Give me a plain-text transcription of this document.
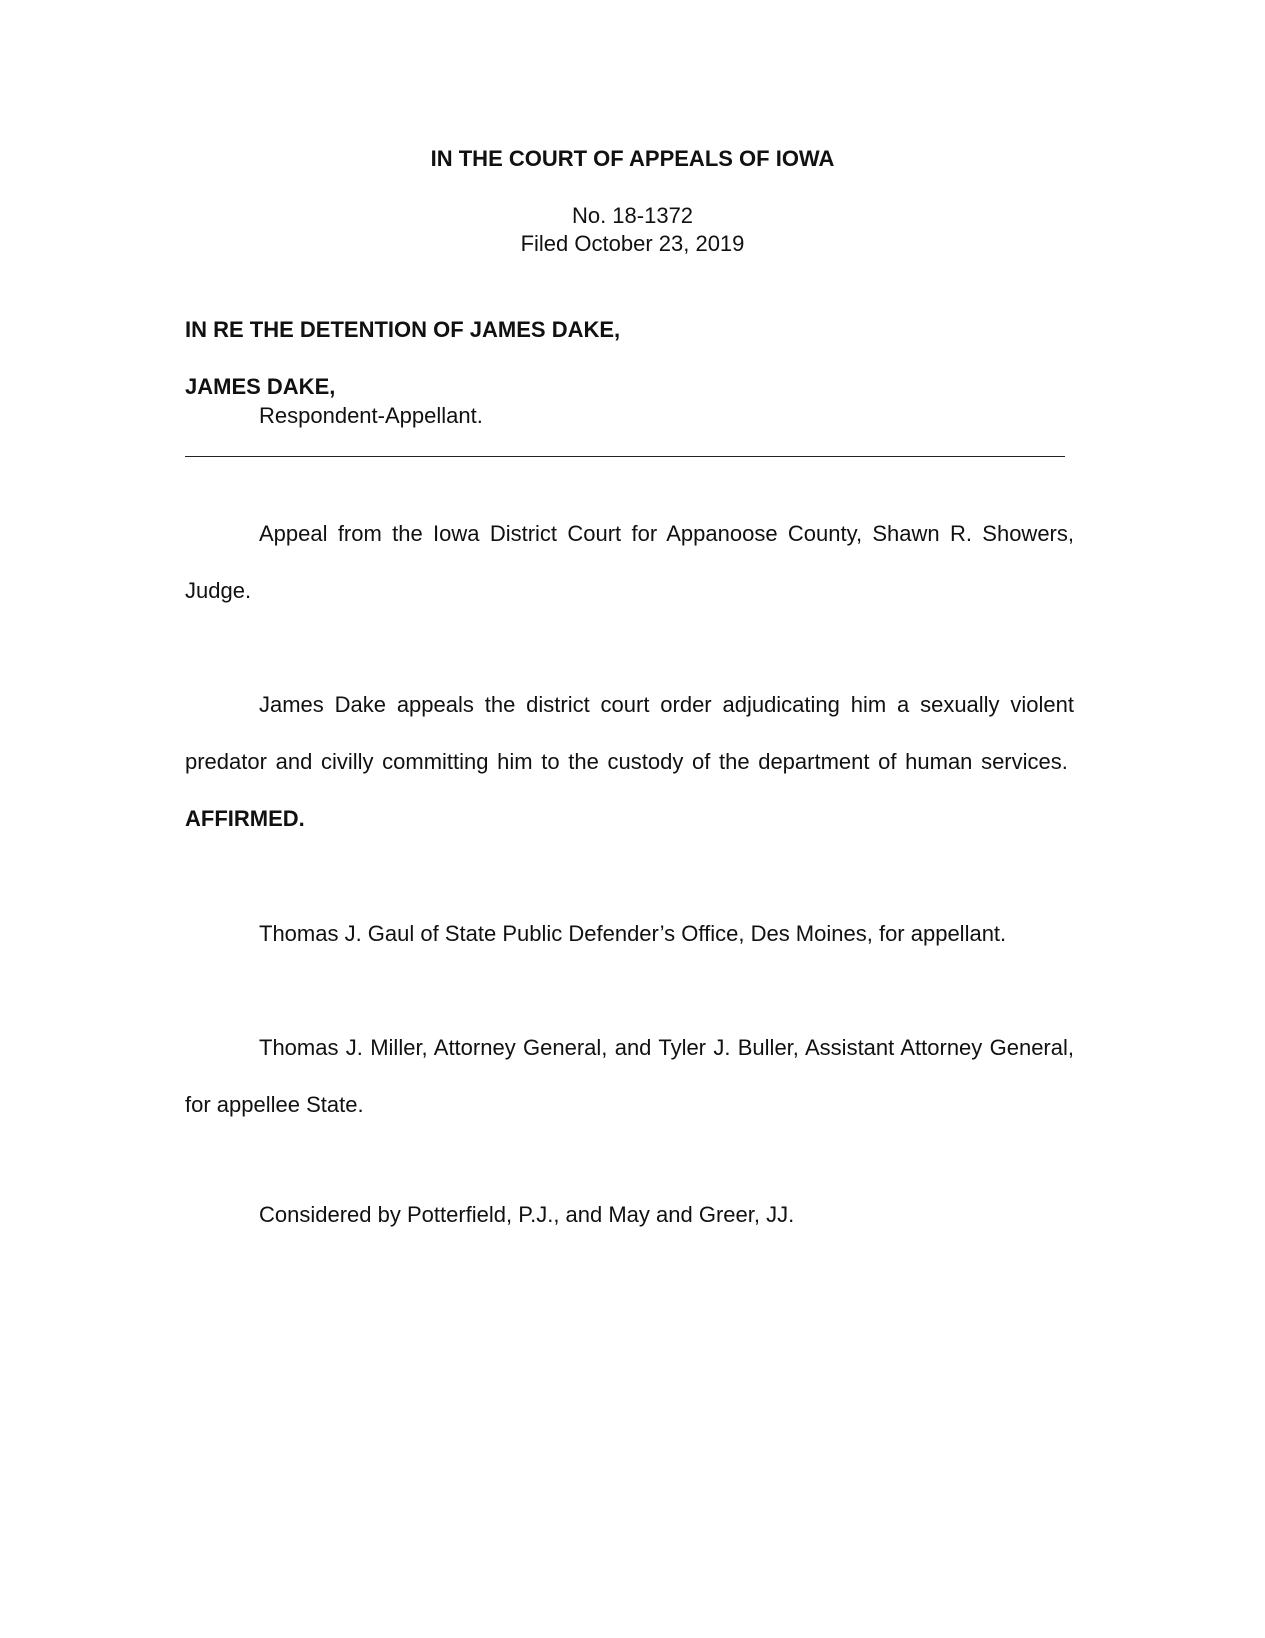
IN THE COURT OF APPEALS OF IOWA

No. 18-1372

Filed October 23, 2019

IN RE THE DETENTION OF JAMES DAKE,

JAMES DAKE,

Respondent-Appellant.

Appeal from the Iowa District Court for Appanoose County, Shawn R. Showers, Judge.

James Dake appeals the district court order adjudicating him a sexually violent predator and civilly committing him to the custody of the department of human services.  AFFIRMED.

Thomas J. Gaul of State Public Defender’s Office, Des Moines, for appellant.

Thomas J. Miller, Attorney General, and Tyler J. Buller, Assistant Attorney General, for appellee State.

Considered by Potterfield, P.J., and May and Greer, JJ.
